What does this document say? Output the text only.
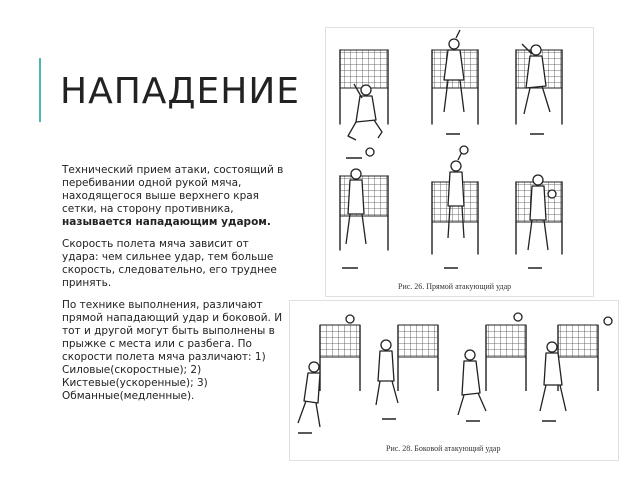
НАПАДЕНИЕ

Технический прием атаки, состоящий в перебивании одной рукой мяча, находящегося выше верхнего края сетки, на сторону противника, называется нападающим ударом.

Скорость полета мяча зависит от удара: чем сильнее удар, тем больше скорость, следовательно, его труднее принять.

По технике выполнения, различают прямой нападающий удар и боковой. И тот и другой могут быть выполнены в прыжке с места или с разбега. По скорости полета мяча различают: 1) Силовые(скоростные); 2) Кистевые(ускоренные); 3) Обманные(медленные).

Рис. 26. Прямой атакующий удар
Рис. 28. Боковой атакующий удар
